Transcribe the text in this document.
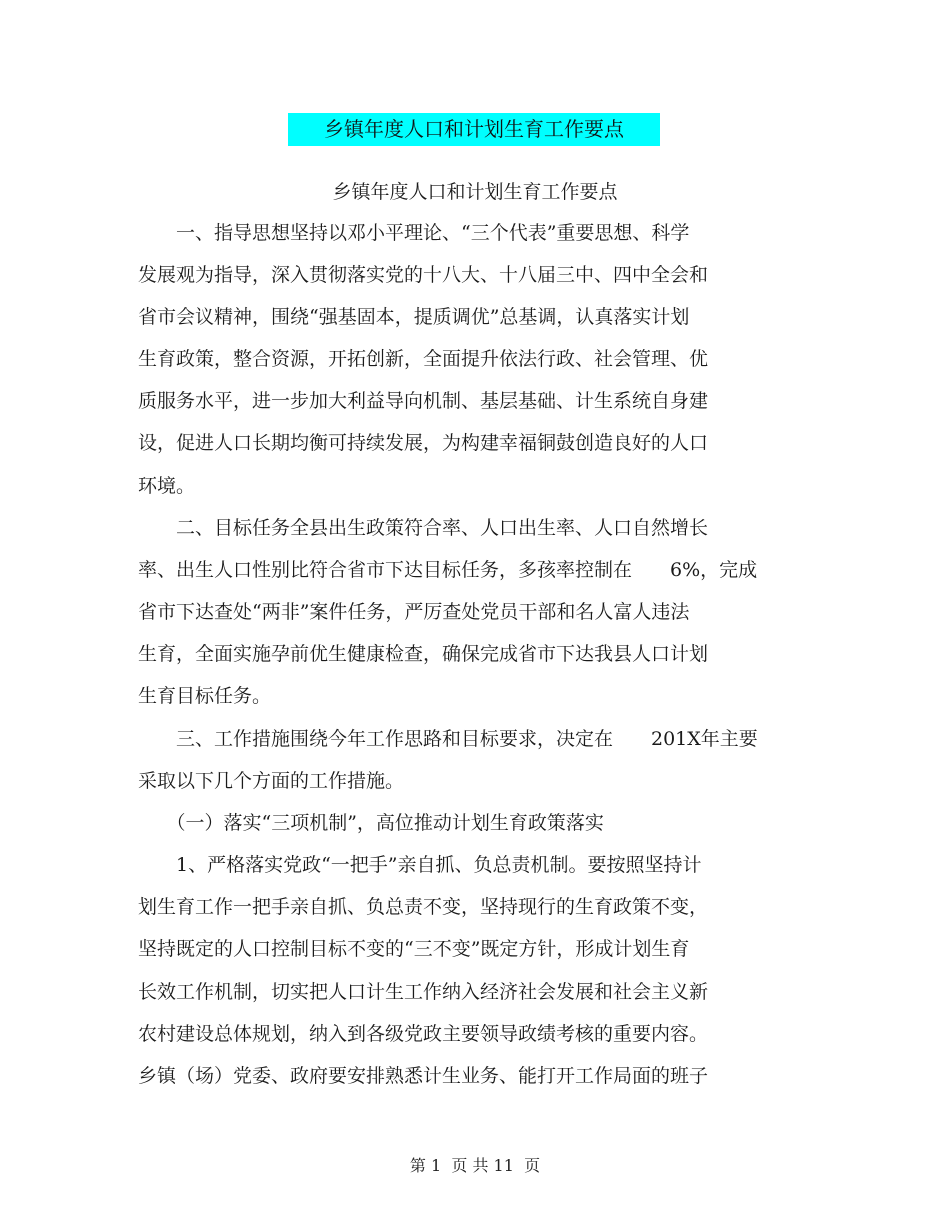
乡镇年度人口和计划生育工作要点
乡镇年度人口和计划生育工作要点
　　一、指导思想坚持以邓小平理论、“三个代表”重要思想、科学
发展观为指导，深入贯彻落实党的十八大、十八届三中、四中全会和
省市会议精神，围绕“强基固本，提质调优”总基调，认真落实计划
生育政策，整合资源，开拓创新，全面提升依法行政、社会管理、优
质服务水平，进一步加大利益导向机制、基层基础、计生系统自身建
设，促进人口长期均衡可持续发展，为构建幸福铜鼓创造良好的人口
环境。
　　二、目标任务全县出生政策符合率、人口出生率、人口自然增长
率、出生人口性别比符合省市下达目标任务，多孩率控制在　　6%，完成
省市下达查处“两非”案件任务，严厉查处党员干部和名人富人违法
生育，全面实施孕前优生健康检查，确保完成省市下达我县人口计划
生育目标任务。
　　三、工作措施围绕今年工作思路和目标要求，决定在　　201X年主要
采取以下几个方面的工作措施。
　　（一）落实“三项机制”，高位推动计划生育政策落实
　　1、严格落实党政“一把手”亲自抓、负总责机制。要按照坚持计
划生育工作一把手亲自抓、负总责不变，坚持现行的生育政策不变，
坚持既定的人口控制目标不变的“三不变”既定方针，形成计划生育
长效工作机制，切实把人口计生工作纳入经济社会发展和社会主义新
农村建设总体规划，纳入到各级党政主要领导政绩考核的重要内容。
乡镇（场）党委、政府要安排熟悉计生业务、能打开工作局面的班子
第 1  页 共 11  页
